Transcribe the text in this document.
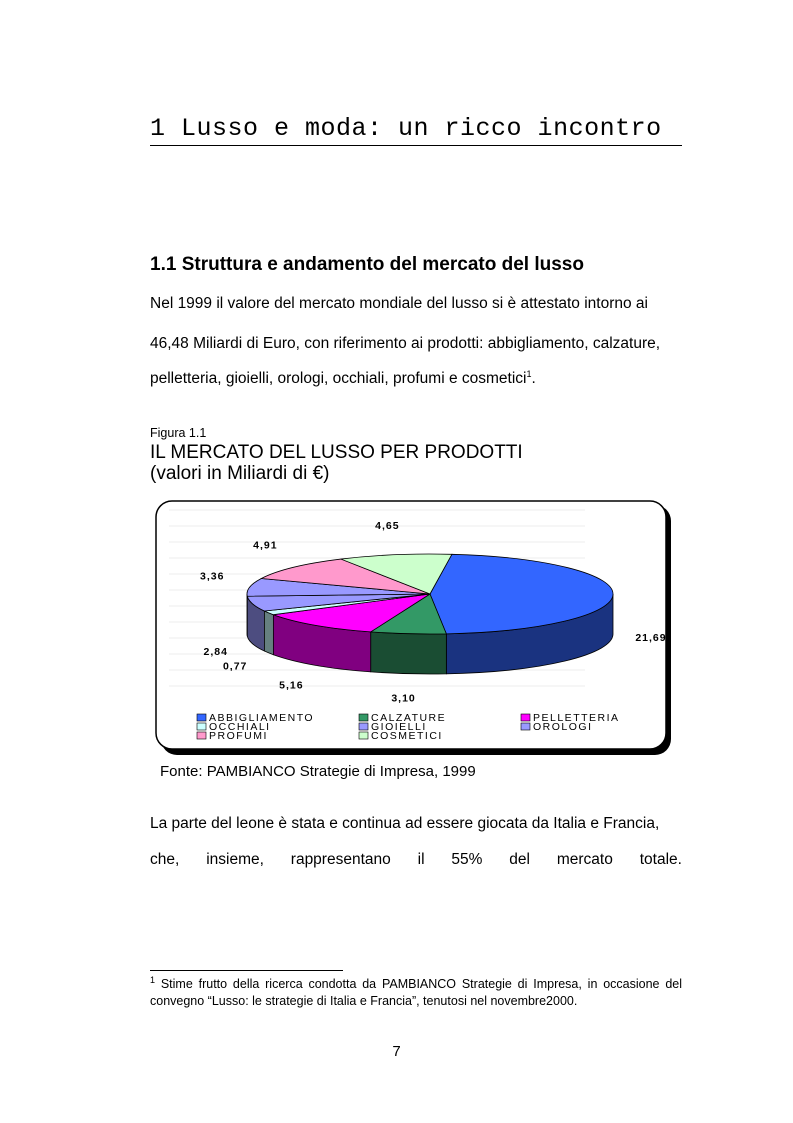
1 Lusso e moda: un ricco incontro
1.1 Struttura e andamento del mercato del lusso
Nel 1999 il valore del mercato mondiale del lusso si è attestato intorno ai
46,48 Miliardi di Euro, con riferimento ai prodotti: abbigliamento, calzature,
pelletteria, gioielli, orologi, occhiali, profumi e cosmetici$^1$.
Figura 1.1
IL MERCATO DEL LUSSO PER PRODOTTI
(valori in Miliardi di €)
21,69
3,10
5,16
0,77
2,84
3,36
4,91
4,65
ABBIGLIAMENTO	CALZATURE	PELLETTERIA
OCCHIALI	GIOIELLI	OROLOGI
PROFUMI	COSMETICI
Fonte: PAMBIANCO Strategie di Impresa, 1999
La parte del leone è stata e continua ad essere giocata da Italia e Francia,
che, insieme, rappresentano il 55% del mercato totale.
$^1$ Stime frutto della ricerca condotta da PAMBIANCO Strategie di Impresa, in occasione del convegno “Lusso: le strategie di Italia e Francia”, tenutosi nel novembre2000.
7
